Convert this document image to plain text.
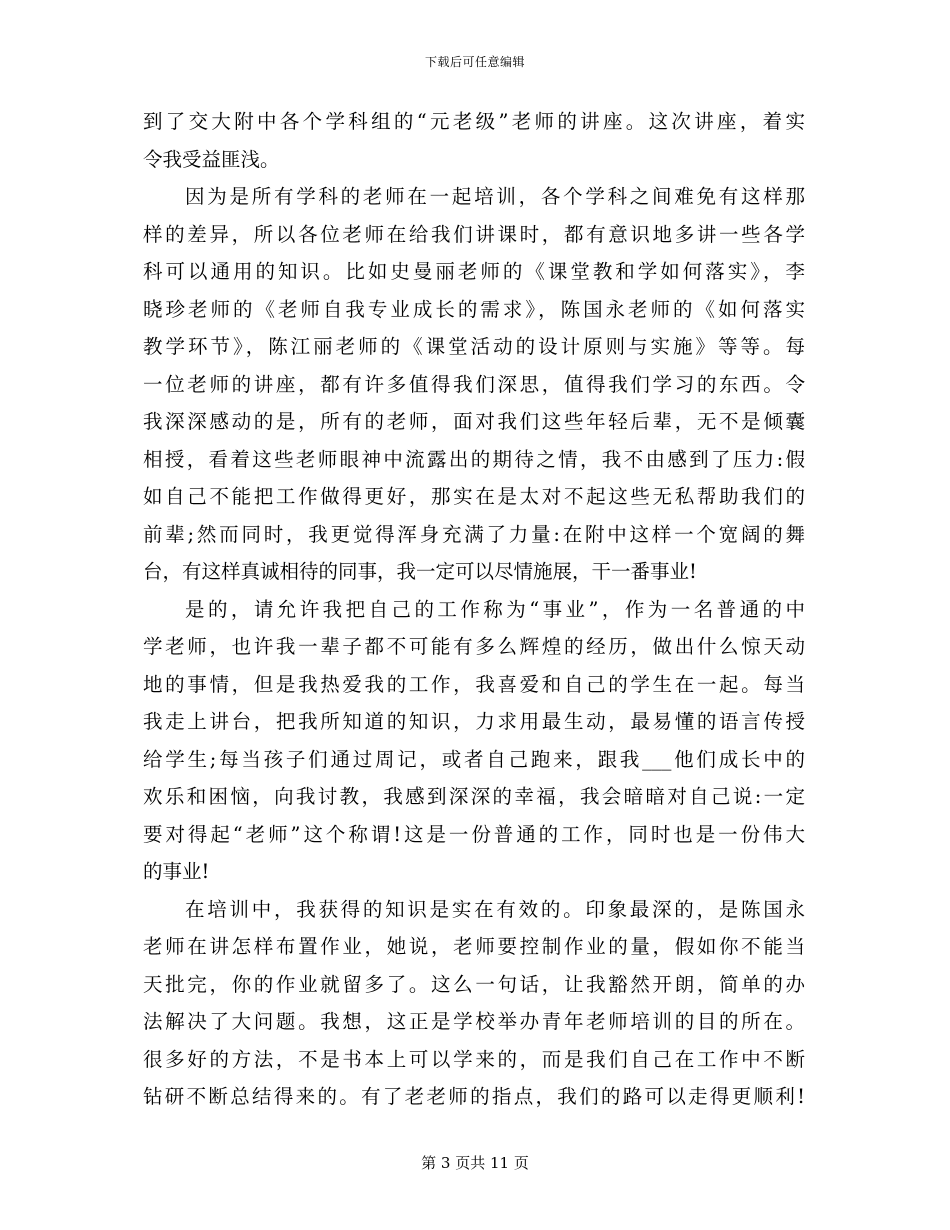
下载后可任意编辑
到了交大附中各个学科组的“元老级”老师的讲座。这次讲座，着实
令我受益匪浅。
因为是所有学科的老师在一起培训，各个学科之间难免有这样那
样的差异，所以各位老师在给我们讲课时，都有意识地多讲一些各学
科可以通用的知识。比如史曼丽老师的《课堂教和学如何落实》，李
晓珍老师的《老师自我专业成长的需求》，陈国永老师的《如何落实
教学环节》，陈江丽老师的《课堂活动的设计原则与实施》等等。每
一位老师的讲座，都有许多值得我们深思，值得我们学习的东西。令
我深深感动的是，所有的老师，面对我们这些年轻后辈，无不是倾囊
相授，看着这些老师眼神中流露出的期待之情，我不由感到了压力:假
如自己不能把工作做得更好，那实在是太对不起这些无私帮助我们的
前辈;然而同时，我更觉得浑身充满了力量:在附中这样一个宽阔的舞
台，有这样真诚相待的同事，我一定可以尽情施展，干一番事业!
是的，请允许我把自己的工作称为“事业”，作为一名普通的中
学老师，也许我一辈子都不可能有多么辉煌的经历，做出什么惊天动
地的事情，但是我热爱我的工作，我喜爱和自己的学生在一起。每当
我走上讲台，把我所知道的知识，力求用最生动，最易懂的语言传授
给学生;每当孩子们通过周记，或者自己跑来，跟我___他们成长中的
欢乐和困恼，向我讨教，我感到深深的幸福，我会暗暗对自己说:一定
要对得起“老师”这个称谓!这是一份普通的工作，同时也是一份伟大
的事业!
在培训中，我获得的知识是实在有效的。印象最深的，是陈国永
老师在讲怎样布置作业，她说，老师要控制作业的量，假如你不能当
天批完，你的作业就留多了。这么一句话，让我豁然开朗，简单的办
法解决了大问题。我想，这正是学校举办青年老师培训的目的所在。
很多好的方法，不是书本上可以学来的，而是我们自己在工作中不断
钻研不断总结得来的。有了老老师的指点，我们的路可以走得更顺利!
第 3 页共 11 页
